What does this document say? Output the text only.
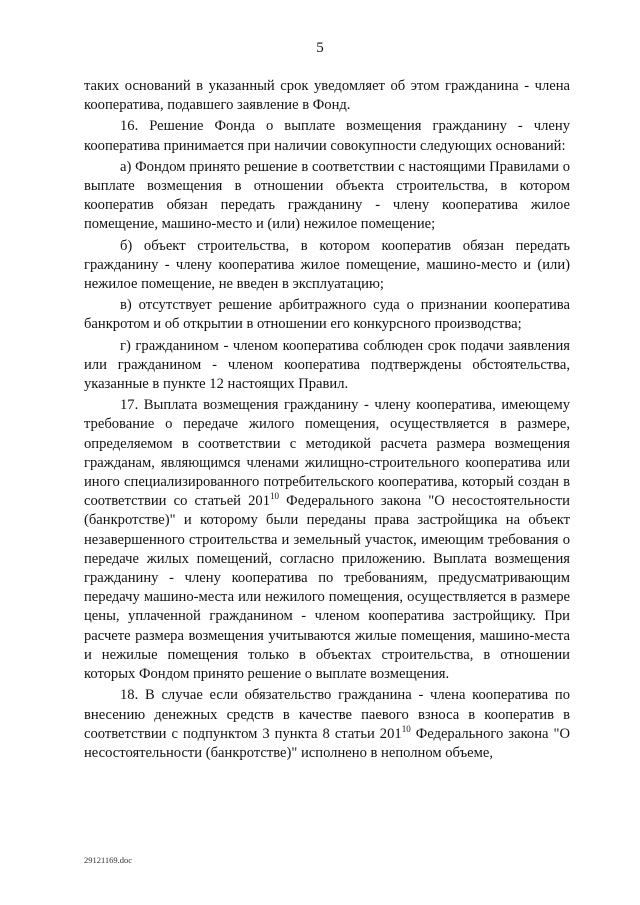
5

таких оснований в указанный срок уведомляет об этом гражданина - члена кооператива, подавшего заявление в Фонд.

16. Решение Фонда о выплате возмещения гражданину - члену кооператива принимается при наличии совокупности следующих оснований:

а) Фондом принято решение в соответствии с настоящими Правилами о выплате возмещения в отношении объекта строительства, в котором кооператив обязан передать гражданину - члену кооператива жилое помещение, машино-место и (или) нежилое помещение;

б) объект строительства, в котором кооператив обязан передать гражданину - члену кооператива жилое помещение, машино-место и (или) нежилое помещение, не введен в эксплуатацию;

в) отсутствует решение арбитражного суда о признании кооператива банкротом и об открытии в отношении его конкурсного производства;

г) гражданином - членом кооператива соблюден срок подачи заявления или гражданином - членом кооператива подтверждены обстоятельства, указанные в пункте 12 настоящих Правил.

17. Выплата возмещения гражданину - члену кооператива, имеющему требование о передаче жилого помещения, осуществляется в размере, определяемом в соответствии с методикой расчета размера возмещения гражданам, являющимся членами жилищно-строительного кооператива или иного специализированного потребительского кооператива, который создан в соответствии со статьей $201^{10}$ Федерального закона "О несостоятельности (банкротстве)" и которому были переданы права застройщика на объект незавершенного строительства и земельный участок, имеющим требования о передаче жилых помещений, согласно приложению. Выплата возмещения гражданину - члену кооператива по требованиям, предусматривающим передачу машино-места или нежилого помещения, осуществляется в размере цены, уплаченной гражданином - членом кооператива застройщику. При расчете размера возмещения учитываются жилые помещения, машино-места и нежилые помещения только в объектах строительства, в отношении которых Фондом принято решение о выплате возмещения.

18. В случае если обязательство гражданина - члена кооператива по внесению денежных средств в качестве паевого взноса в кооператив в соответствии с подпунктом 3 пункта 8 статьи $201^{10}$ Федерального закона "О несостоятельности (банкротстве)" исполнено в неполном объеме,

29121169.doc
